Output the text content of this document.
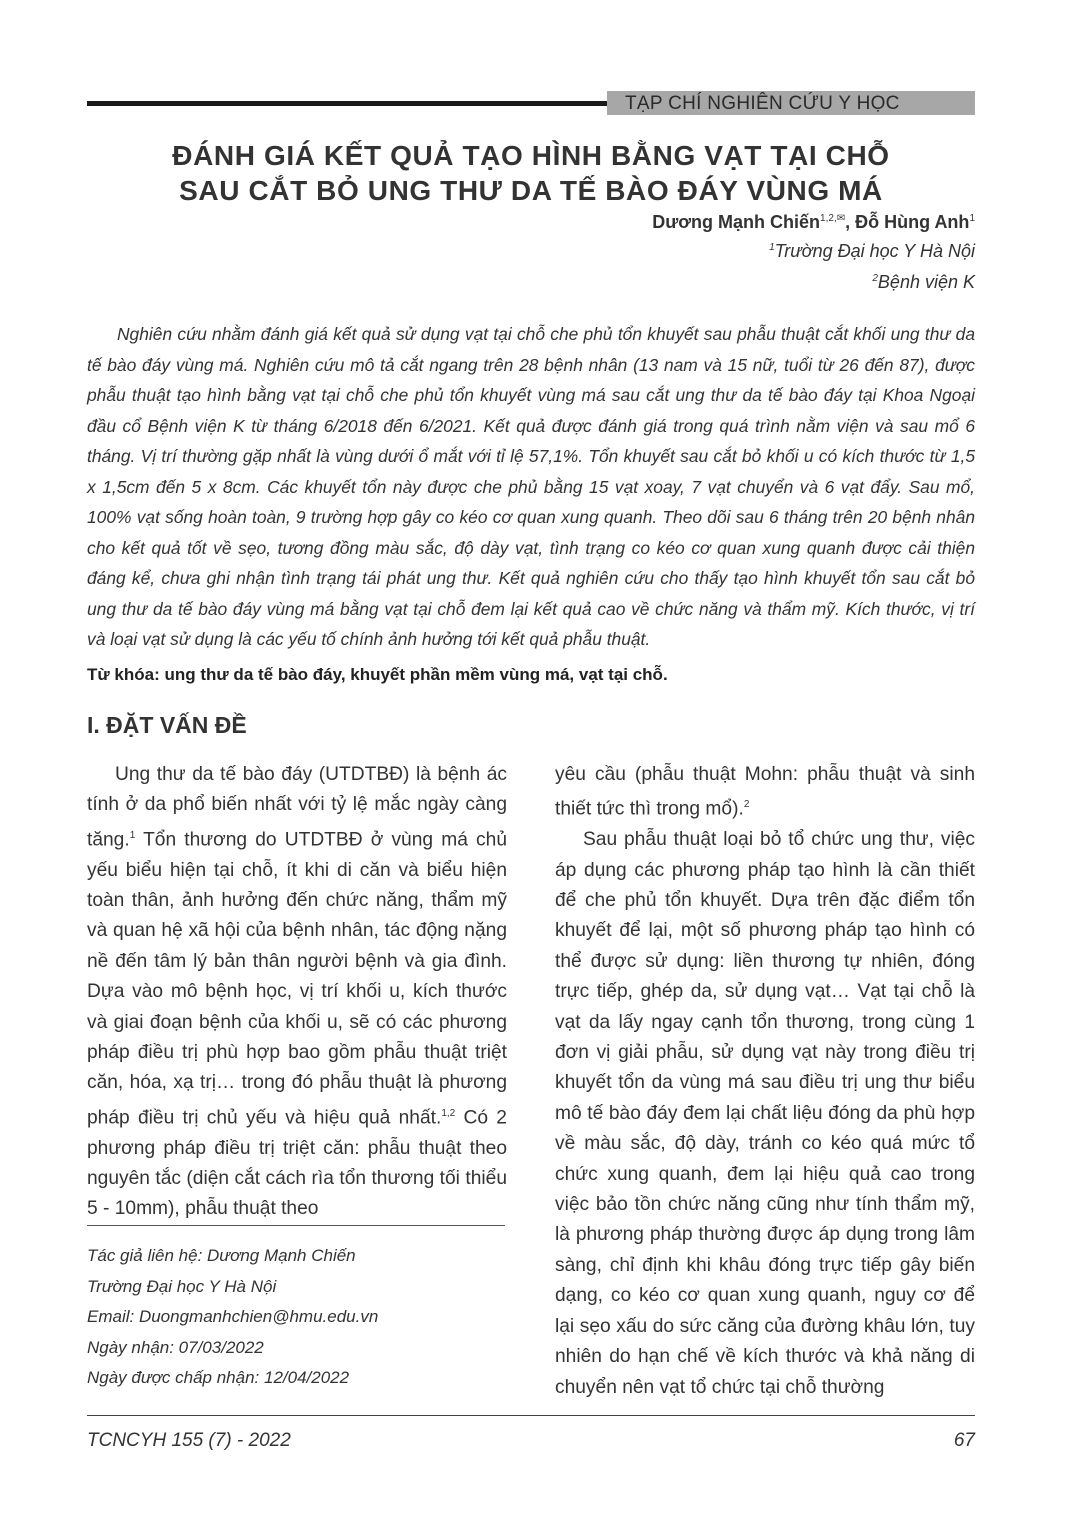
TẠP CHÍ NGHIÊN CỨU Y HỌC
ĐÁNH GIÁ KẾT QUẢ TẠO HÌNH BẰNG VẠT TẠI CHỖ
SAU CẮT BỎ UNG THƯ DA TẾ BÀO ĐÁY VÙNG MÁ
Dương Mạnh Chiến$^{1,2,✉}$, Đỗ Hùng Anh$^1$
$^1$Trường Đại học Y Hà Nội
$^2$Bệnh viện K

Nghiên cứu nhằm đánh giá kết quả sử dụng vạt tại chỗ che phủ tổn khuyết sau phẫu thuật cắt khối ung thư da tế bào đáy vùng má. Nghiên cứu mô tả cắt ngang trên 28 bệnh nhân (13 nam và 15 nữ, tuổi từ 26 đến 87), được phẫu thuật tạo hình bằng vạt tại chỗ che phủ tổn khuyết vùng má sau cắt ung thư da tế bào đáy tại Khoa Ngoại đầu cổ Bệnh viện K từ tháng 6/2018 đến 6/2021. Kết quả được đánh giá trong quá trình nằm viện và sau mổ 6 tháng. Vị trí thường gặp nhất là vùng dưới ổ mắt với tỉ lệ 57,1%. Tổn khuyết sau cắt bỏ khối u có kích thước từ 1,5 x 1,5cm đến 5 x 8cm. Các khuyết tổn này được che phủ bằng 15 vạt xoay, 7 vạt chuyển và 6 vạt đẩy. Sau mổ, 100% vạt sống hoàn toàn, 9 trường hợp gây co kéo cơ quan xung quanh. Theo dõi sau 6 tháng trên 20 bệnh nhân cho kết quả tốt về sẹo, tương đồng màu sắc, độ dày vạt, tình trạng co kéo cơ quan xung quanh được cải thiện đáng kể, chưa ghi nhận tình trạng tái phát ung thư. Kết quả nghiên cứu cho thấy tạo hình khuyết tổn sau cắt bỏ ung thư da tế bào đáy vùng má bằng vạt tại chỗ đem lại kết quả cao về chức năng và thẩm mỹ. Kích thước, vị trí và loại vạt sử dụng là các yếu tố chính ảnh hưởng tới kết quả phẫu thuật.

Từ khóa: ung thư da tế bào đáy, khuyết phần mềm vùng má, vạt tại chỗ.
I. ĐẶT VẤN ĐỀ

Ung thư da tế bào đáy (UTDTBĐ) là bệnh ác tính ở da phổ biến nhất với tỷ lệ mắc ngày càng tăng.$^1$ Tổn thương do UTDTBĐ ở vùng má chủ yếu biểu hiện tại chỗ, ít khi di căn và biểu hiện toàn thân, ảnh hưởng đến chức năng, thẩm mỹ và quan hệ xã hội của bệnh nhân, tác động nặng nề đến tâm lý bản thân người bệnh và gia đình. Dựa vào mô bệnh học, vị trí khối u, kích thước và giai đoạn bệnh của khối u, sẽ có các phương pháp điều trị phù hợp bao gồm phẫu thuật triệt căn, hóa, xạ trị… trong đó phẫu thuật là phương pháp điều trị chủ yếu và hiệu quả nhất.$^{1,2}$ Có 2 phương pháp điều trị triệt căn: phẫu thuật theo nguyên tắc (diện cắt cách rìa tổn thương tối thiểu 5 - 10mm), phẫu thuật theo

yêu cầu (phẫu thuật Mohn: phẫu thuật và sinh thiết tức thì trong mổ).$^2$

Sau phẫu thuật loại bỏ tổ chức ung thư, việc áp dụng các phương pháp tạo hình là cần thiết để che phủ tổn khuyết. Dựa trên đặc điểm tổn khuyết để lại, một số phương pháp tạo hình có thể được sử dụng: liền thương tự nhiên, đóng trực tiếp, ghép da, sử dụng vạt… Vạt tại chỗ là vạt da lấy ngay cạnh tổn thương, trong cùng 1 đơn vị giải phẫu, sử dụng vạt này trong điều trị khuyết tổn da vùng má sau điều trị ung thư biểu mô tế bào đáy đem lại chất liệu đóng da phù hợp về màu sắc, độ dày, tránh co kéo quá mức tổ chức xung quanh, đem lại hiệu quả cao trong việc bảo tồn chức năng cũng như tính thẩm mỹ, là phương pháp thường được áp dụng trong lâm sàng, chỉ định khi khâu đóng trực tiếp gây biến dạng, co kéo cơ quan xung quanh, nguy cơ để lại sẹo xấu do sức căng của đường khâu lớn, tuy nhiên do hạn chế về kích thước và khả năng di chuyển nên vạt tổ chức tại chỗ thường

Tác giả liên hệ: Dương Mạnh Chiến
Trường Đại học Y Hà Nội
Email: Duongmanhchien@hmu.edu.vn
Ngày nhận: 07/03/2022
Ngày được chấp nhận: 12/04/2022
TCNCYH 155 (7) - 2022	67
